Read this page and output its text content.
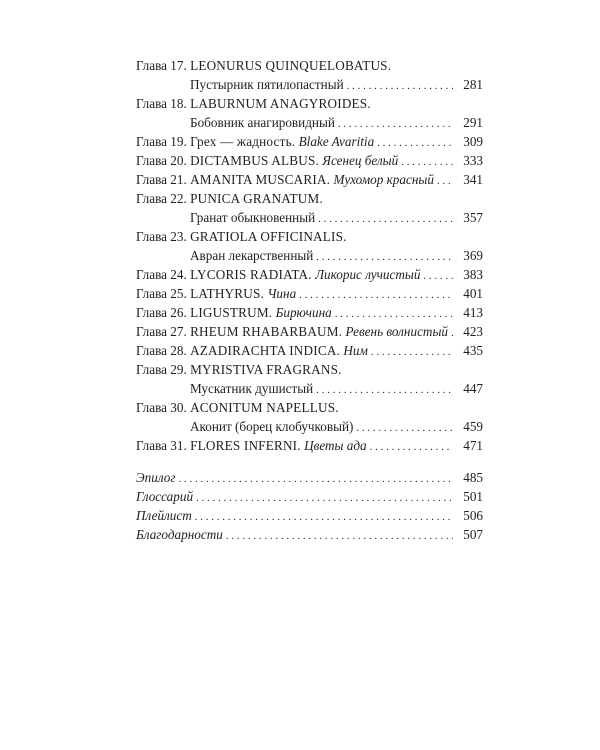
Глава 17. LEONURUS QUINQUELOBATUS.
Пустырник пятилопастный . . .	281
Глава 18. LABURNUM ANAGYROIDES.
Бобовник анагировидный . . .	291
Глава 19. Грех — жадность. Blake Avaritia . . .	309
Глава 20. DICTAMBUS ALBUS. Ясенец белый . . .	333
Глава 21. AMANITA MUSCARIA. Мухомор красный . . .	341
Глава 22. PUNICA GRANATUM.
Гранат обыкновенный . . .	357
Глава 23. GRATIOLA OFFICINALIS.
Авран лекарственный . . .	369
Глава 24. LYCORIS RADIATA. Ликорис лучистый . . .	383
Глава 25. LATHYRUS. Чина . . .	401
Глава 26. LIGUSTRUM. Бирючина . . .	413
Глава 27. RHEUM RHABARBAUM. Ревень волнистый . . .	423
Глава 28. AZADIRACHTA INDICA. Ним . . .	435
Глава 29. MYRISTIVA FRAGRANS.
Мускатник душистый . . .	447
Глава 30. ACONITUM NAPELLUS.
Аконит (борец клобучковый) . . .	459
Глава 31. FLORES INFERNI. Цветы ада . . .	471
Эпилог . . .	485
Глоссарий . . .	501
Плейлист . . .	506
Благодарности . . .	507
